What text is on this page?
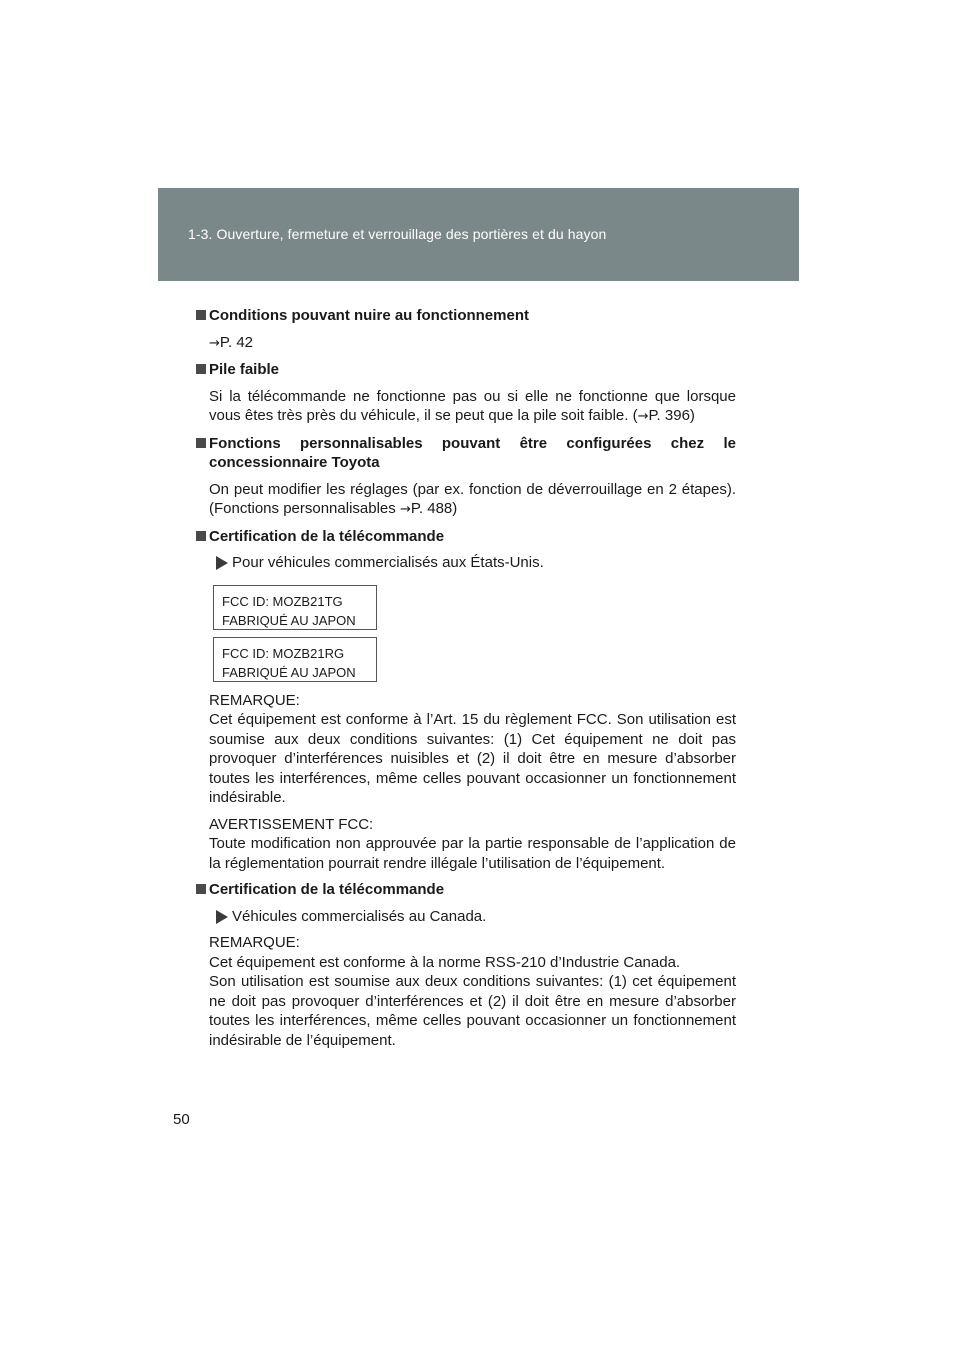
1-3. Ouverture, fermeture et verrouillage des portières et du hayon
Conditions pouvant nuire au fonctionnement
→P. 42
Pile faible
Si la télécommande ne fonctionne pas ou si elle ne fonctionne que lorsque vous êtes très près du véhicule, il se peut que la pile soit faible. (→P. 396)
Fonctions personnalisables pouvant être configurées chez le concessionnaire Toyota
On peut modifier les réglages (par ex. fonction de déverrouillage en 2 étapes). (Fonctions personnalisables →P. 488)
Certification de la télécommande
Pour véhicules commercialisés aux États-Unis.
FCC ID: MOZB21TG
FABRIQUÉ AU JAPON
FCC ID: MOZB21RG
FABRIQUÉ AU JAPON
REMARQUE:
Cet équipement est conforme à l’Art. 15 du règlement FCC. Son utilisation est soumise aux deux conditions suivantes: (1) Cet équipement ne doit pas provoquer d’interférences nuisibles et (2) il doit être en mesure d’absorber toutes les interférences, même celles pouvant occasionner un fonctionnement indésirable.
AVERTISSEMENT FCC:
Toute modification non approuvée par la partie responsable de l’application de la réglementation pourrait rendre illégale l’utilisation de l’équipement.
Certification de la télécommande
Véhicules commercialisés au Canada.
REMARQUE:
Cet équipement est conforme à la norme RSS-210 d’Industrie Canada.
Son utilisation est soumise aux deux conditions suivantes: (1) cet équipement ne doit pas provoquer d’interférences et (2) il doit être en mesure d’absorber toutes les interférences, même celles pouvant occasionner un fonctionnement indésirable de l’équipement.
50
